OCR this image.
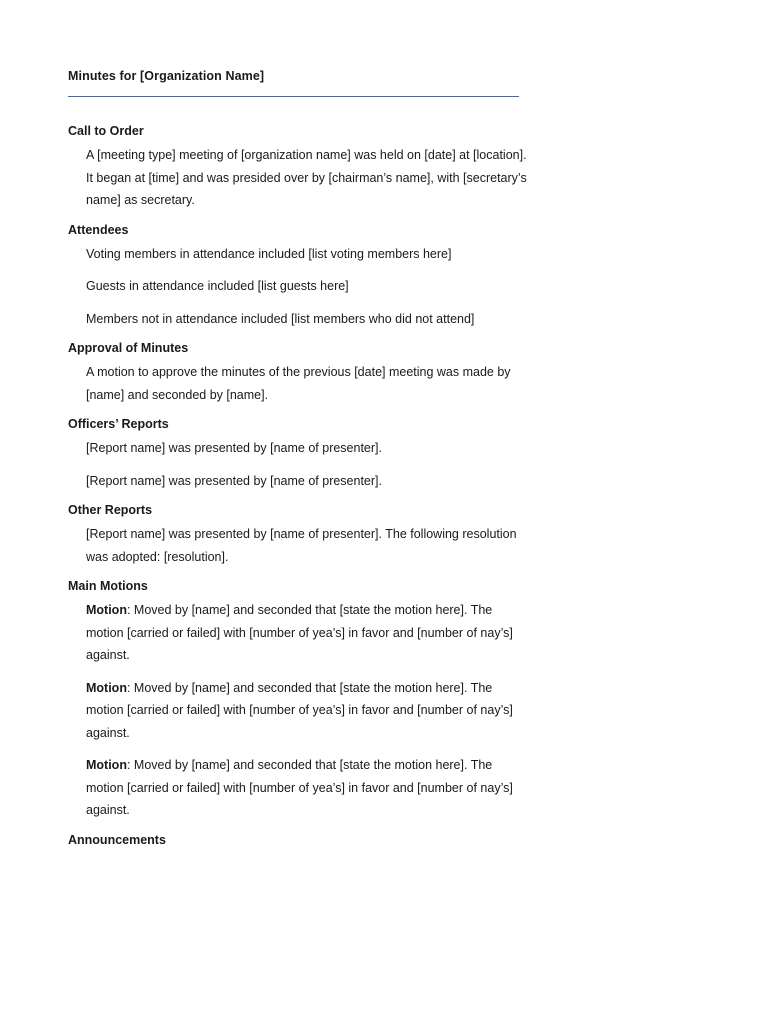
Minutes for [Organization Name]
Call to Order

A [meeting type] meeting of [organization name] was held on [date] at [location]. It began at [time] and was presided over by [chairman’s name], with [secretary’s name] as secretary.

Attendees

Voting members in attendance included [list voting members here]

Guests in attendance included [list guests here]

Members not in attendance included [list members who did not attend]

Approval of Minutes

A motion to approve the minutes of the previous [date] meeting was made by [name] and seconded by [name].

Officers’ Reports

[Report name] was presented by [name of presenter].

[Report name] was presented by [name of presenter].

Other Reports

[Report name] was presented by [name of presenter]. The following resolution was adopted: [resolution].

Main Motions

Motion: Moved by [name] and seconded that [state the motion here]. The motion [carried or failed] with [number of yea’s] in favor and [number of nay’s] against.

Motion: Moved by [name] and seconded that [state the motion here]. The motion [carried or failed] with [number of yea’s] in favor and [number of nay’s] against.

Motion: Moved by [name] and seconded that [state the motion here]. The motion [carried or failed] with [number of yea’s] in favor and [number of nay’s] against.

Announcements
